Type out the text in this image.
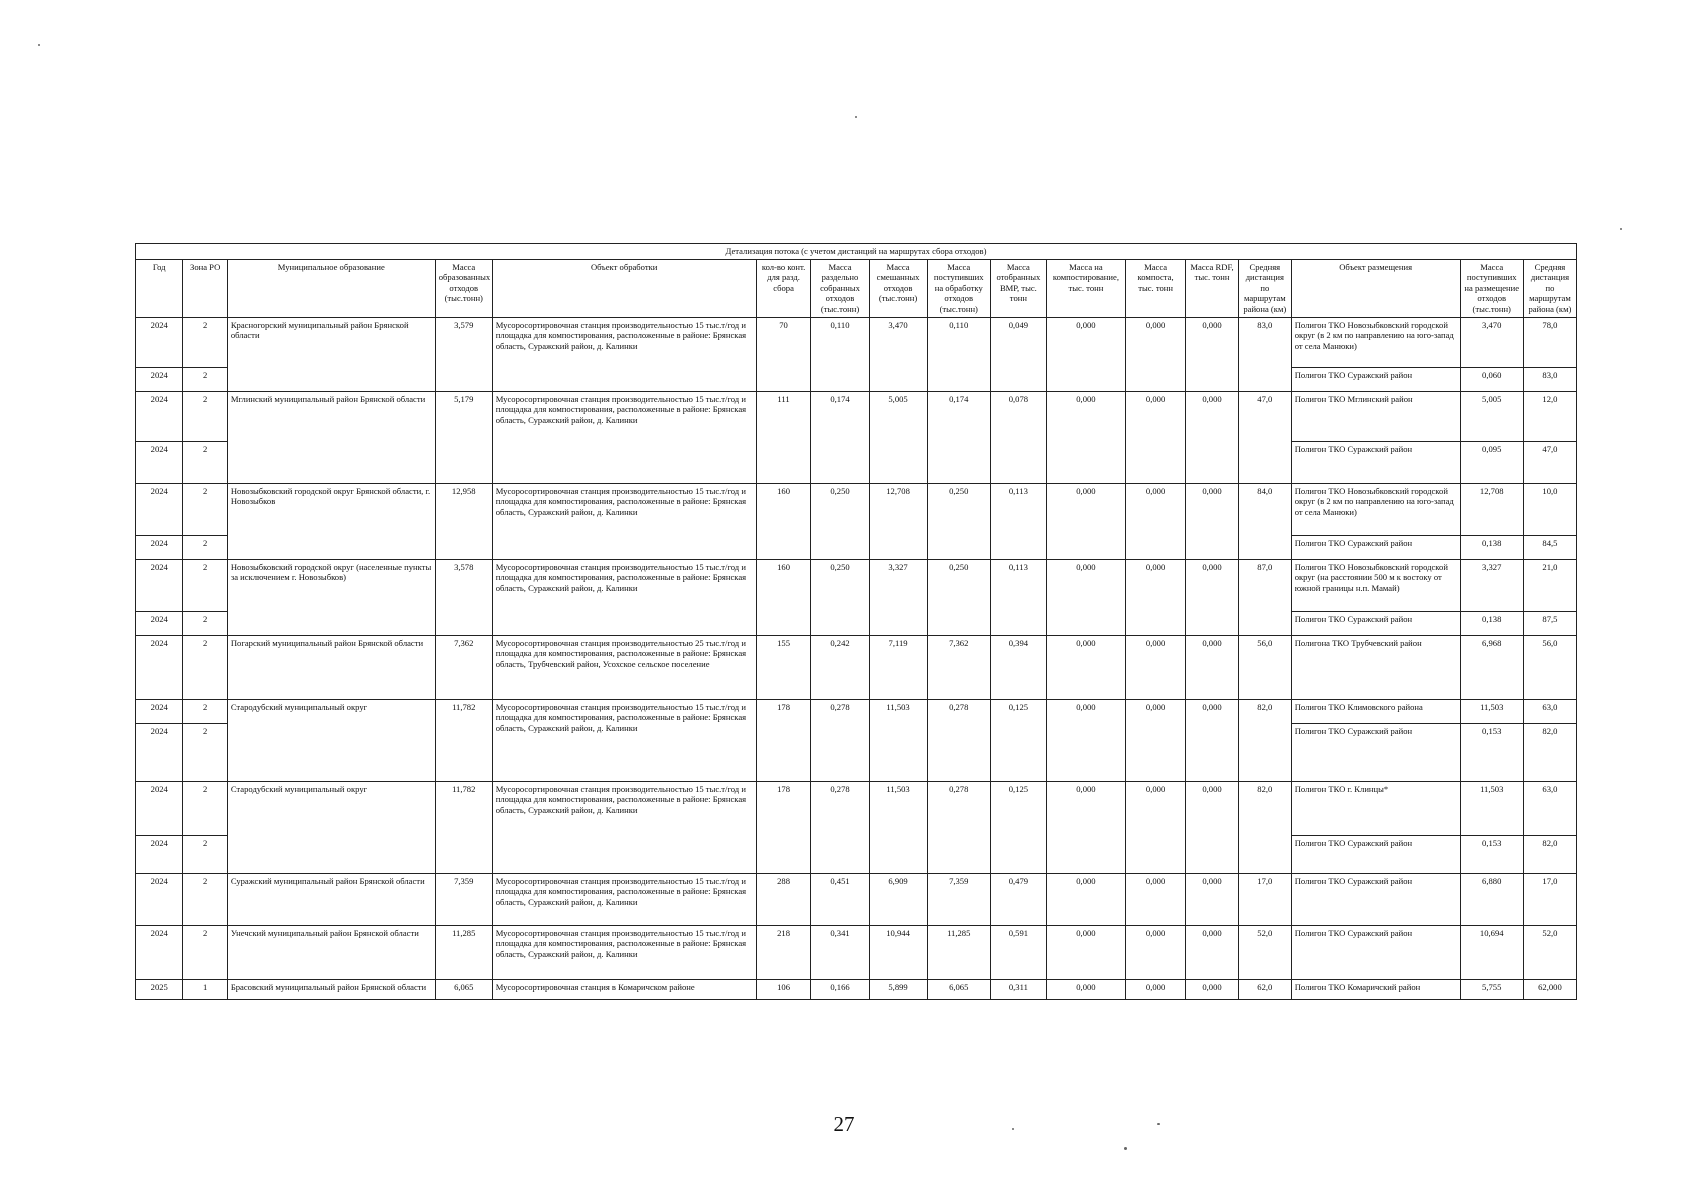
Детализация потока (с учетом дистанций на маршрутах сбора отходов)																
Год	Зона РО	Муниципальное образование	Масса образованных отходов (тыс.тонн)	Объект обработки	кол-во конт. для разд. сбора	Масса раздельно собранных отходов (тыс.тонн)	Масса смешанных отходов (тыс.тонн)	Масса поступивших на обработку отходов (тыс.тонн)	Масса отобранных ВМР, тыс. тонн	Масса на компостирование, тыс. тонн	Масса компоста, тыс. тонн	Масса RDF, тыс. тонн	Средняя дистанция по маршрутам района (км)	Объект размещения	Масса поступивших на размещение отходов (тыс.тонн)	Средняя дистанция по маршрутам района (км)
2024	2	Красногорский муниципальный район Брянской области	3,579	Мусоросортировочная станция производительностью 15 тыс.т/год и площадка для компостирования, расположенные в районе: Брянская область, Суражский район, д. Калинки	70	0,110	3,470	0,110	0,049	0,000	0,000	0,000	83,0	Полигон ТКО Новозыбковский городской округ (в 2 км по направлению на юго-запад от села Манюки)	3,470	78,0
2024	2													Полигон ТКО Суражский район	0,060	83,0
2024	2	Мглинский муниципальный район Брянской области	5,179	Мусоросортировочная станция производительностью 15 тыс.т/год и площадка для компостирования, расположенные в районе: Брянская область, Суражский район, д. Калинки	111	0,174	5,005	0,174	0,078	0,000	0,000	0,000	47,0	Полигон ТКО Мглинский район	5,005	12,0
2024	2													Полигон ТКО Суражский район	0,095	47,0
2024	2	Новозыбковский городской округ Брянской области, г. Новозыбков	12,958	Мусоросортировочная станция производительностью 15 тыс.т/год и площадка для компостирования, расположенные в районе: Брянская область, Суражский район, д. Калинки	160	0,250	12,708	0,250	0,113	0,000	0,000	0,000	84,0	Полигон ТКО Новозыбковский городской округ (в 2 км по направлению на юго-запад от села Манюки)	12,708	10,0
2024	2													Полигон ТКО Суражский район	0,138	84,5
2024	2	Новозыбковский городской округ (населенные пункты за исключением г. Новозыбков)	3,578	Мусоросортировочная станция производительностью 15 тыс.т/год и площадка для компостирования, расположенные в районе: Брянская область, Суражский район, д. Калинки	160	0,250	3,327	0,250	0,113	0,000	0,000	0,000	87,0	Полигон ТКО Новозыбковский городской округ (на расстоянии 500 м к востоку от южной границы н.п. Мамай)	3,327	21,0
2024	2													Полигон ТКО Суражский район	0,138	87,5
2024	2	Погарский муниципальный район Брянской области	7,362	Мусоросортировочная станция производительностью 25 тыс.т/год и площадка для компостирования, расположенные в районе: Брянская область, Трубчевский район, Усохское сельское поселение	155	0,242	7,119	7,362	0,394	0,000	0,000	0,000	56,0	Полигона ТКО Трубчевский район	6,968	56,0
2024	2	Стародубский муниципальный округ	11,782	Мусоросортировочная станция производительностью 15 тыс.т/год и площадка для компостирования, расположенные в районе: Брянская область, Суражский район, д. Калинки	178	0,278	11,503	0,278	0,125	0,000	0,000	0,000	82,0	Полигон ТКО Климовского района	11,503	63,0
2024	2													Полигон ТКО Суражский район	0,153	82,0
2024	2	Стародубский муниципальный округ	11,782	Мусоросортировочная станция производительностью 15 тыс.т/год и площадка для компостирования, расположенные в районе: Брянская область, Суражский район, д. Калинки	178	0,278	11,503	0,278	0,125	0,000	0,000	0,000	82,0	Полигон ТКО г. Клинцы*	11,503	63,0
2024	2													Полигон ТКО Суражский район	0,153	82,0
2024	2	Суражский муниципальный район Брянской области	7,359	Мусоросортировочная станция производительностью 15 тыс.т/год и площадка для компостирования, расположенные в районе: Брянская область, Суражский район, д. Калинки	288	0,451	6,909	7,359	0,479	0,000	0,000	0,000	17,0	Полигон ТКО Суражский район	6,880	17,0
2024	2	Унечский муниципальный район Брянской области	11,285	Мусоросортировочная станция производительностью 15 тыс.т/год и площадка для компостирования, расположенные в районе: Брянская область, Суражский район, д. Калинки	218	0,341	10,944	11,285	0,591	0,000	0,000	0,000	52,0	Полигон ТКО Суражский район	10,694	52,0
2025	1	Брасовский муниципальный район Брянской области	6,065	Мусоросортировочная станция в Комаричском районе	106	0,166	5,899	6,065	0,311	0,000	0,000	0,000	62,0	Полигон ТКО Комаричский район	5,755	62,000
27
